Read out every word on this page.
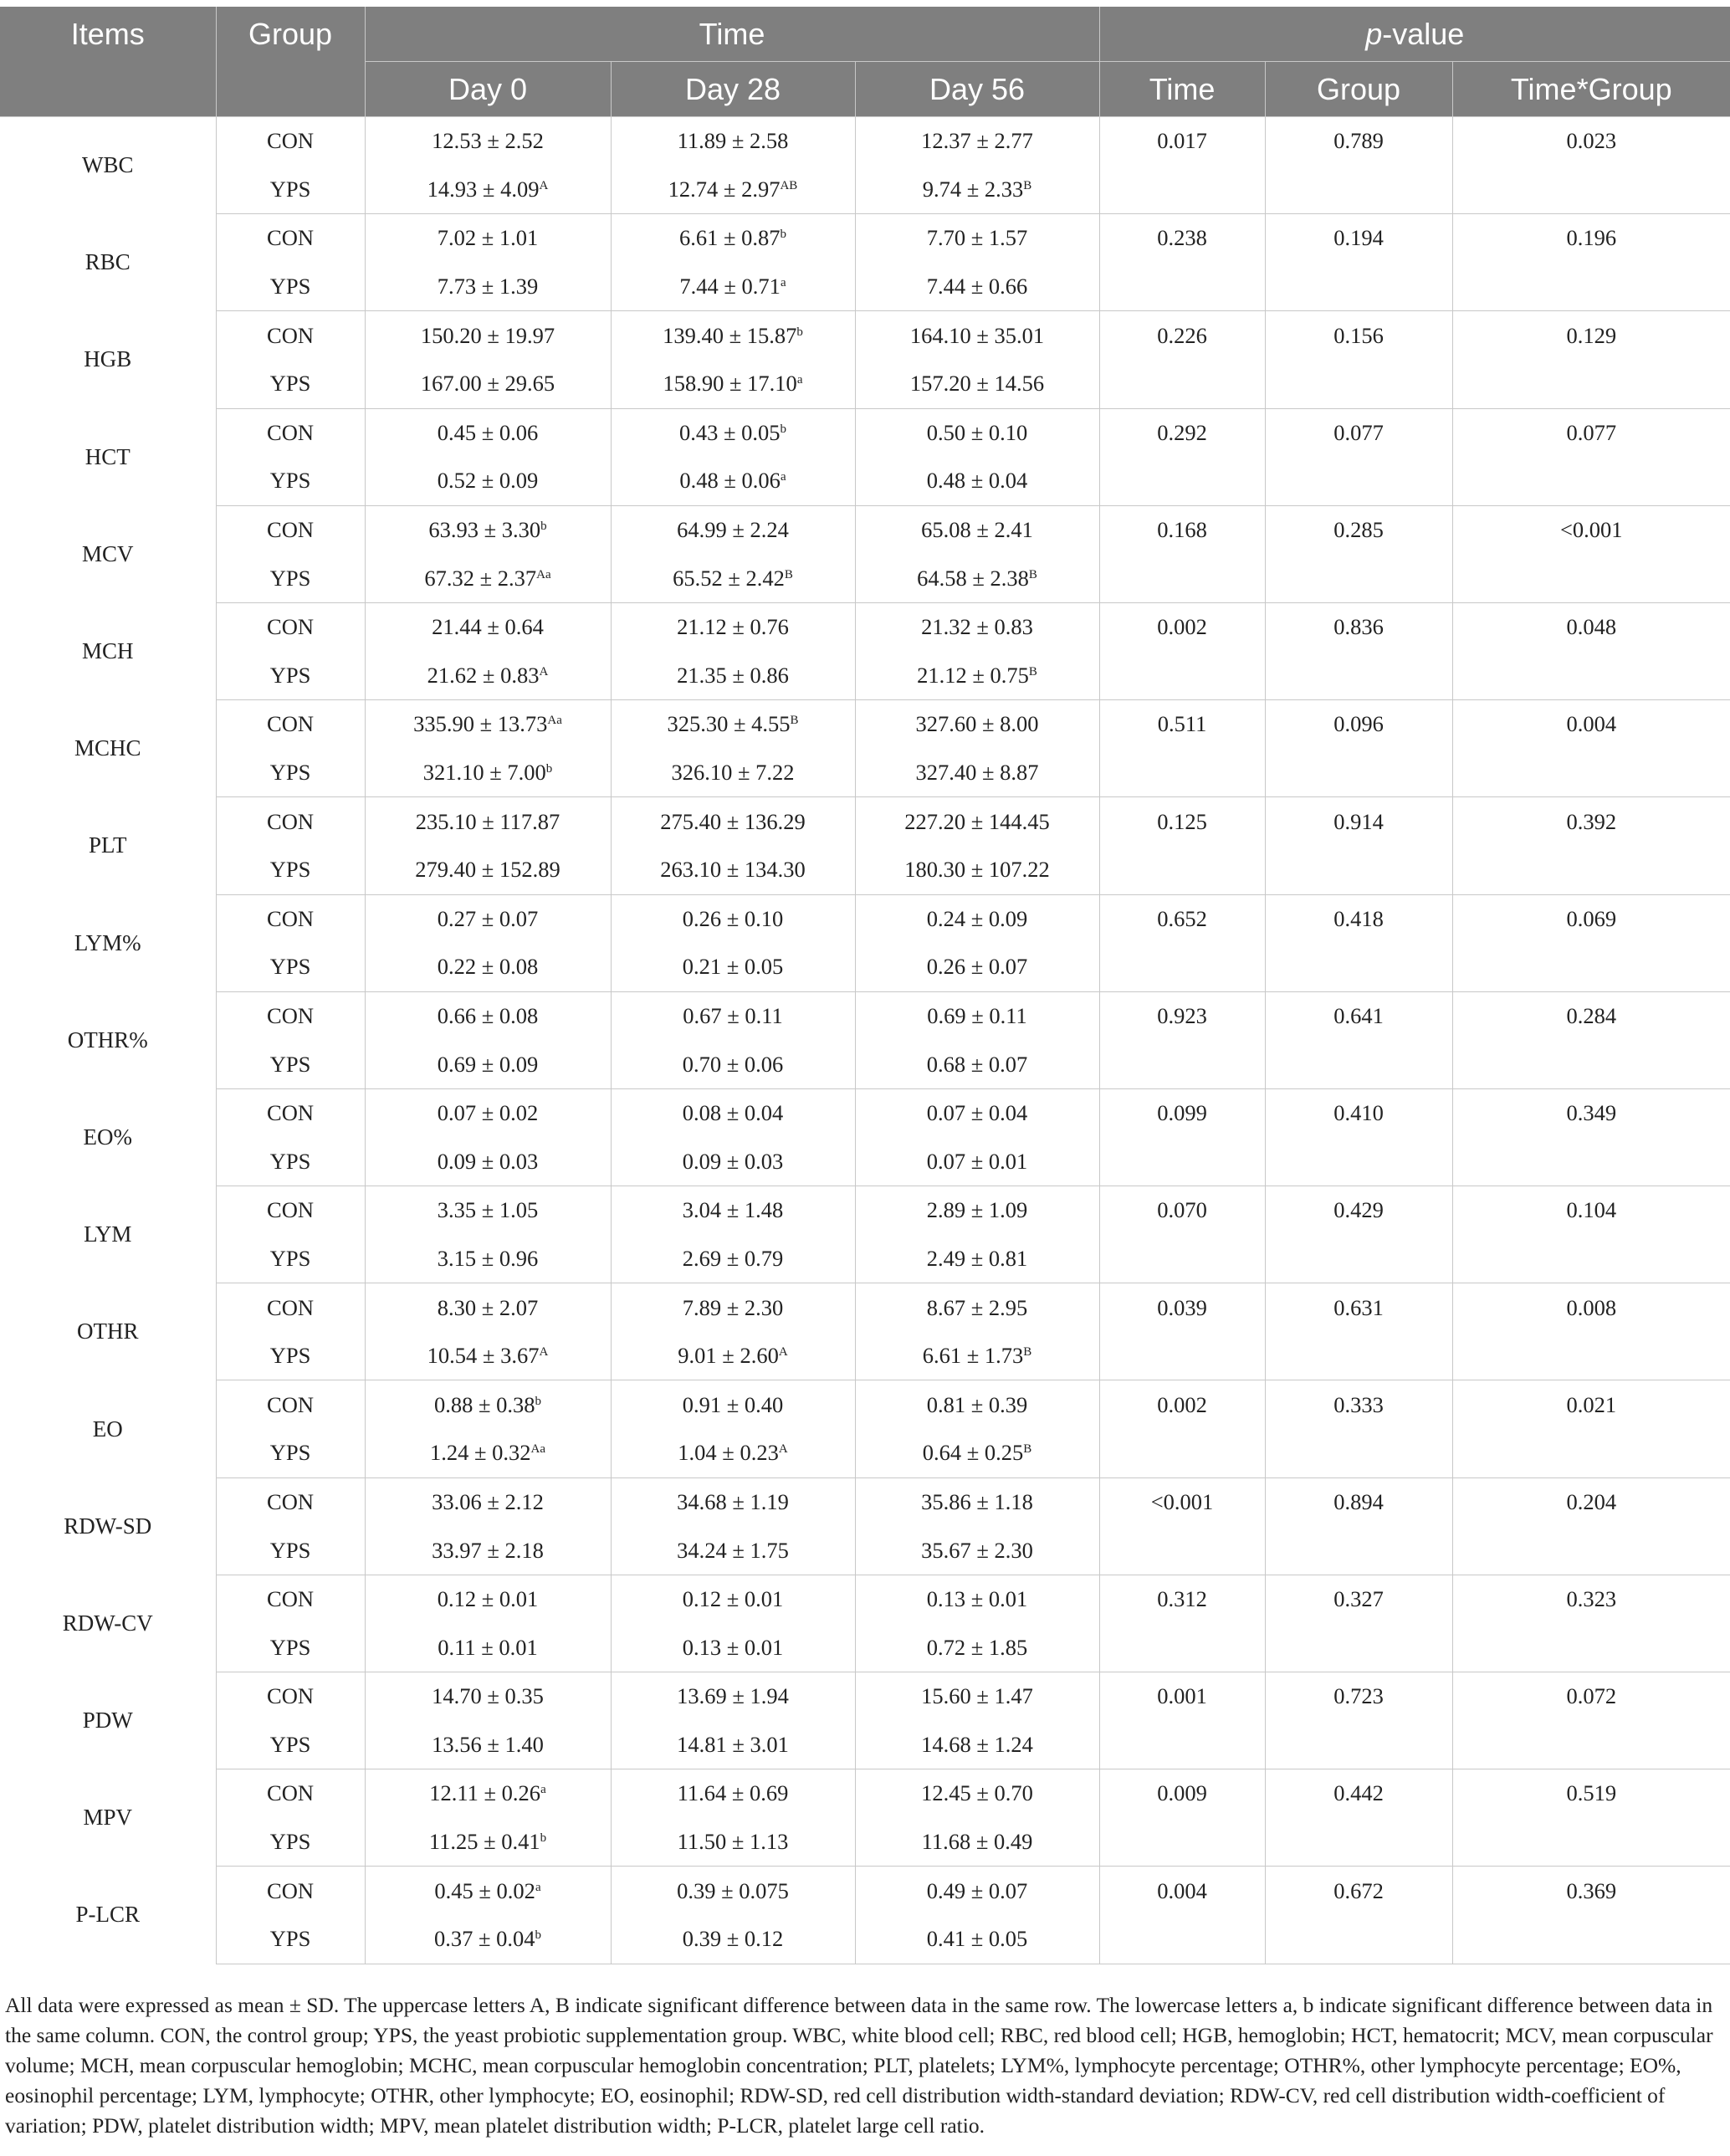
Items	Group	Time			p-value		
		Day 0	Day 28	Day 56	Time	Group	Time*Group
WBC	CON	12.53 ± 2.52	11.89 ± 2.58	12.37 ± 2.77	0.017	0.789	0.023
	YPS	$14.93 \pm 4.09^A$	$12.74 \pm 2.97^{AB}$	$9.74 \pm 2.33^B$			
RBC	CON	7.02 ± 1.01	6.61 ± 0.87$^b$	7.70 ± 1.57	0.238	0.194	0.196
	YPS	7.73 ± 1.39	7.44 ± 0.71$^a$	7.44 ± 0.66			
HGB	CON	150.20 ± 19.97	139.40 ± 15.87$^b$	164.10 ± 35.01	0.226	0.156	0.129
	YPS	167.00 ± 29.65	158.90 ± 17.10$^a$	157.20 ± 14.56			
HCT	CON	0.45 ± 0.06	0.43 ± 0.05$^b$	0.50 ± 0.10	0.292	0.077	0.077
	YPS	0.52 ± 0.09	0.48 ± 0.06$^a$	0.48 ± 0.04			
MCV	CON	63.93 ± 3.30$^b$	64.99 ± 2.24	65.08 ± 2.41	0.168	0.285	<0.001
	YPS	$67.32 \pm 2.37^{Aa}$	$65.52 \pm 2.42^B$	$64.58 \pm 2.38^B$			
MCH	CON	21.44 ± 0.64	21.12 ± 0.76	21.32 ± 0.83	0.002	0.836	0.048
	YPS	$21.62 \pm 0.83^A$	21.35 ± 0.86	$21.12 \pm 0.75^B$			
MCHC	CON	$335.90 \pm 13.73^{Aa}$	$325.30 \pm 4.55^B$	327.60 ± 8.00	0.511	0.096	0.004
	YPS	321.10 ± 7.00$^b$	326.10 ± 7.22	327.40 ± 8.87			
PLT	CON	235.10 ± 117.87	275.40 ± 136.29	227.20 ± 144.45	0.125	0.914	0.392
	YPS	279.40 ± 152.89	263.10 ± 134.30	180.30 ± 107.22			
LYM%	CON	0.27 ± 0.07	0.26 ± 0.10	0.24 ± 0.09	0.652	0.418	0.069
	YPS	0.22 ± 0.08	0.21 ± 0.05	0.26 ± 0.07			
OTHR%	CON	0.66 ± 0.08	0.67 ± 0.11	0.69 ± 0.11	0.923	0.641	0.284
	YPS	0.69 ± 0.09	0.70 ± 0.06	0.68 ± 0.07			
EO%	CON	0.07 ± 0.02	0.08 ± 0.04	0.07 ± 0.04	0.099	0.410	0.349
	YPS	0.09 ± 0.03	0.09 ± 0.03	0.07 ± 0.01			
LYM	CON	3.35 ± 1.05	3.04 ± 1.48	2.89 ± 1.09	0.070	0.429	0.104
	YPS	3.15 ± 0.96	2.69 ± 0.79	2.49 ± 0.81			
OTHR	CON	8.30 ± 2.07	7.89 ± 2.30	8.67 ± 2.95	0.039	0.631	0.008
	YPS	$10.54 \pm 3.67^A$	$9.01 \pm 2.60^A$	$6.61 \pm 1.73^B$			
EO	CON	0.88 ± 0.38$^b$	0.91 ± 0.40	0.81 ± 0.39	0.002	0.333	0.021
	YPS	$1.24 \pm 0.32^{Aa}$	$1.04 \pm 0.23^A$	$0.64 \pm 0.25^B$			
RDW-SD	CON	33.06 ± 2.12	34.68 ± 1.19	35.86 ± 1.18	<0.001	0.894	0.204
	YPS	33.97 ± 2.18	34.24 ± 1.75	35.67 ± 2.30			
RDW-CV	CON	0.12 ± 0.01	0.12 ± 0.01	0.13 ± 0.01	0.312	0.327	0.323
	YPS	0.11 ± 0.01	0.13 ± 0.01	0.72 ± 1.85			
PDW	CON	14.70 ± 0.35	13.69 ± 1.94	15.60 ± 1.47	0.001	0.723	0.072
	YPS	13.56 ± 1.40	14.81 ± 3.01	14.68 ± 1.24			
MPV	CON	12.11 ± 0.26$^a$	11.64 ± 0.69	12.45 ± 0.70	0.009	0.442	0.519
	YPS	11.25 ± 0.41$^b$	11.50 ± 1.13	11.68 ± 0.49			
P-LCR	CON	0.45 ± 0.02$^a$	0.39 ± 0.075	0.49 ± 0.07	0.004	0.672	0.369
	YPS	0.37 ± 0.04$^b$	0.39 ± 0.12	0.41 ± 0.05			
All data were expressed as mean ± SD. The uppercase letters A, B indicate significant difference between data in the same row. The lowercase letters a, b indicate significant difference between data in the same column. CON, the control group; YPS, the yeast probiotic supplementation group. WBC, white blood cell; RBC, red blood cell; HGB, hemoglobin; HCT, hematocrit; MCV, mean corpuscular volume; MCH, mean corpuscular hemoglobin; MCHC, mean corpuscular hemoglobin concentration; PLT, platelets; LYM%, lymphocyte percentage; OTHR%, other lymphocyte percentage; EO%, eosinophil percentage; LYM, lymphocyte; OTHR, other lymphocyte; EO, eosinophil; RDW-SD, red cell distribution width-standard deviation; RDW-CV, red cell distribution width-coefficient of variation; PDW, platelet distribution width; MPV, mean platelet distribution width; P-LCR, platelet large cell ratio.
